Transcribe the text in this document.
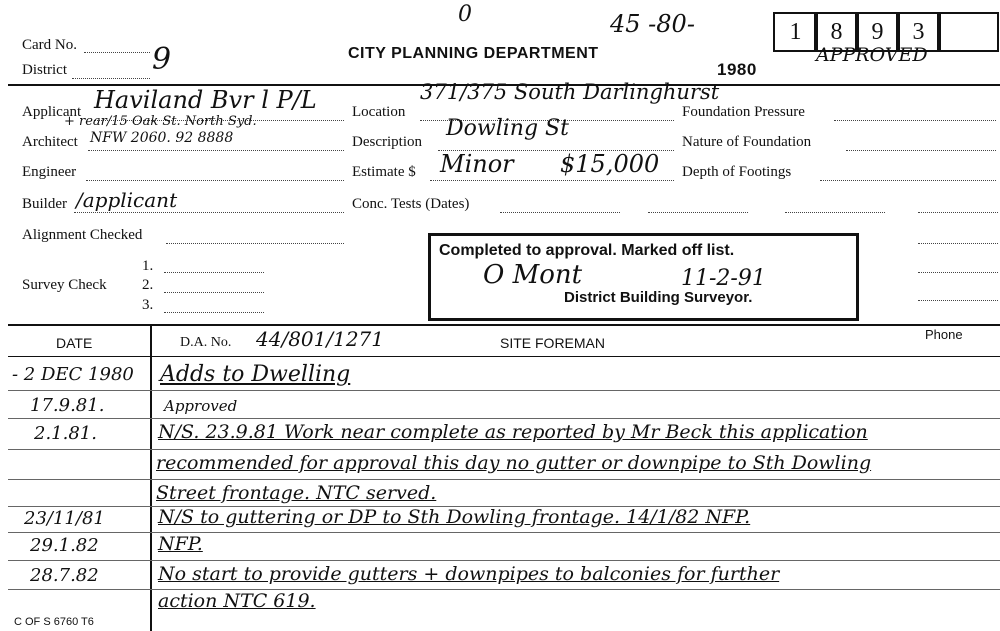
Card No.
District	9	CITY PLANNING DEPARTMENT
0	45 -80-	1	8	9	3
1980
APPROVED
Applicant Haviland Bvr l P/L
+ rear/15 Oak St. North Syd.
Architect NFW 2060. 92 8888
Engineer
Builder /applicant
Alignment Checked
Survey Check
1.
2.
3.
Location
371/375 South Darlinghurst
Description
Dowling St
Estimate $ Minor $15,000
Conc. Tests (Dates)
Foundation Pressure
Nature of Foundation
Depth of Footings
Completed to approval. Marked off list.
O Mont	11-2-91
District Building Surveyor.
DATE	D.A. No. 44/801/1271	SITE FOREMAN
Phone
- 2 DEC 1980 Adds to Dwelling
17.9.81.	Approved
2.1.81.	N/S. 23.9.81 Work near complete as reported by Mr Beck this application
recommended for approval this day no gutter or downpipe to Sth Dowling
Street frontage. NTC served.
23/11/81	N/S to guttering or DP to Sth Dowling frontage. 14/1/82 NFP.
29.1.82	NFP.
28.7.82	No start to provide gutters + downpipes to balconies for further
action NTC 619.
C OF S 6760 T6
